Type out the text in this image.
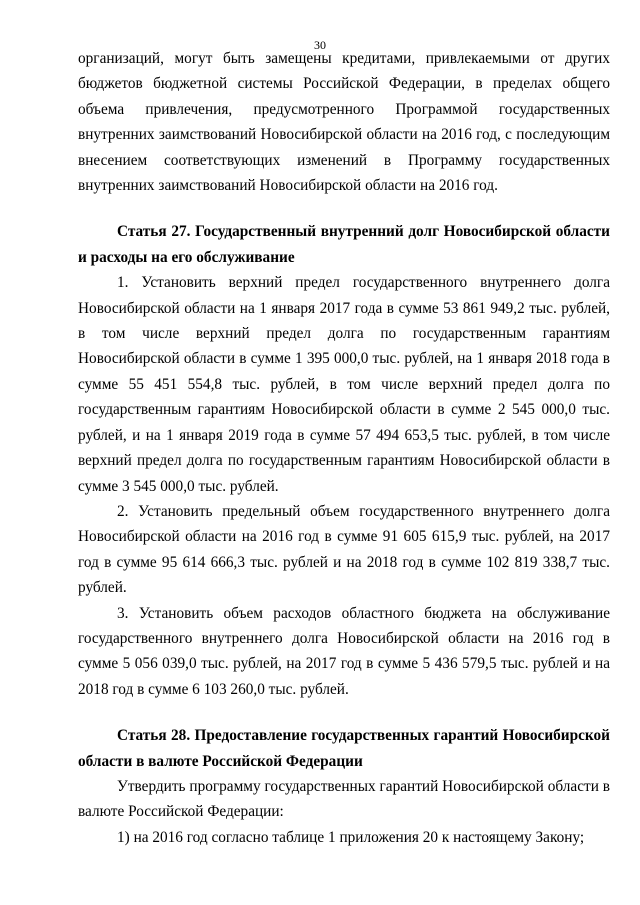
30

организаций, могут быть замещены кредитами, привлекаемыми от других бюджетов бюджетной системы Российской Федерации, в пределах общего объема привлечения, предусмотренного Программой государственных внутренних заимствований Новосибирской области на 2016 год, с последующим внесением соответствующих изменений в Программу государственных внутренних заимствований Новосибирской области на 2016 год.

Статья 27. Государственный внутренний долг Новосибирской области и расходы на его обслуживание

1. Установить верхний предел государственного внутреннего долга Новосибирской области на 1 января 2017 года в сумме 53 861 949,2 тыс. рублей, в том числе верхний предел долга по государственным гарантиям Новосибирской области в сумме 1 395 000,0 тыс. рублей, на 1 января 2018 года в сумме 55 451 554,8 тыс. рублей, в том числе верхний предел долга по государственным гарантиям Новосибирской области в сумме 2 545 000,0 тыс. рублей, и на 1 января 2019 года в сумме 57 494 653,5 тыс. рублей, в том числе верхний предел долга по государственным гарантиям Новосибирской области в сумме 3 545 000,0 тыс. рублей.

2. Установить предельный объем государственного внутреннего долга Новосибирской области на 2016 год в сумме 91 605 615,9 тыс. рублей, на 2017 год в сумме 95 614 666,3 тыс. рублей и на 2018 год в сумме 102 819 338,7 тыс. рублей.

3. Установить объем расходов областного бюджета на обслуживание государственного внутреннего долга Новосибирской области на 2016 год в сумме 5 056 039,0 тыс. рублей, на 2017 год в сумме 5 436 579,5 тыс. рублей и на 2018 год в сумме 6 103 260,0 тыс. рублей.

Статья 28. Предоставление государственных гарантий Новосибирской области в валюте Российской Федерации

Утвердить программу государственных гарантий Новосибирской области в валюте Российской Федерации:

1) на 2016 год согласно таблице 1 приложения 20 к настоящему Закону;
